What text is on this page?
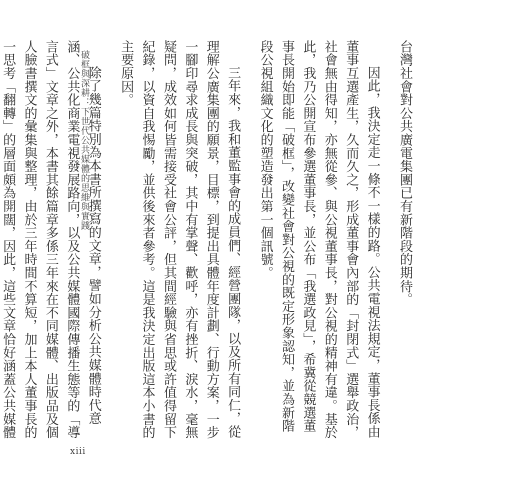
破框與深耕：下世代公共媒體的思維與實踐	台灣社會對公共廣電集團已有新階段的期待。

因此，我決定走一條不一樣的路。公共電視法規定，董事長係由董事互選產生，久而久之，形成董事會內部的「封閉式」選舉政治，社會無由得知，亦無從參、與公視董事長，對公視的精神有違。基於此，我乃公開宣布參選董事長，並公布「我選政見」，希冀從競選董事長開始即能「破框」，改變社會對公視的既定形象認知，並為新階段公視組織文化的塑造發出第一個訊號。

三年來，我和董監事會的成員們、經營團隊，以及所有同仁，從理解公廣集團的願景，目標，到提出具體年度計劃、行動方案，一步一腳印尋求成長與突破，其中有掌聲、歡呼，亦有挫折、淚水，毫無疑問，成效如何皆需接受社會公評，但其間經驗與省思或許值得留下紀錄，以資自我惕勵，並供後來者參考。這是我決定出版這本小書的主要原因。

除了幾篇特別為本書所撰寫的文章，譬如分析公共媒體時代意涵、公共化商業電視發展路向，以及公共媒體國際傳播生態等的「導言式」文章之外，本書其餘篇章多係三年來在不同媒體、出版品及個人臉書撰文的彙集與整理，由於三年時間不算短，加上本人董事長的一思考「翻轉」的層面頗為開闊，因此，這些文章恰好涵蓋公共媒體

xiii
